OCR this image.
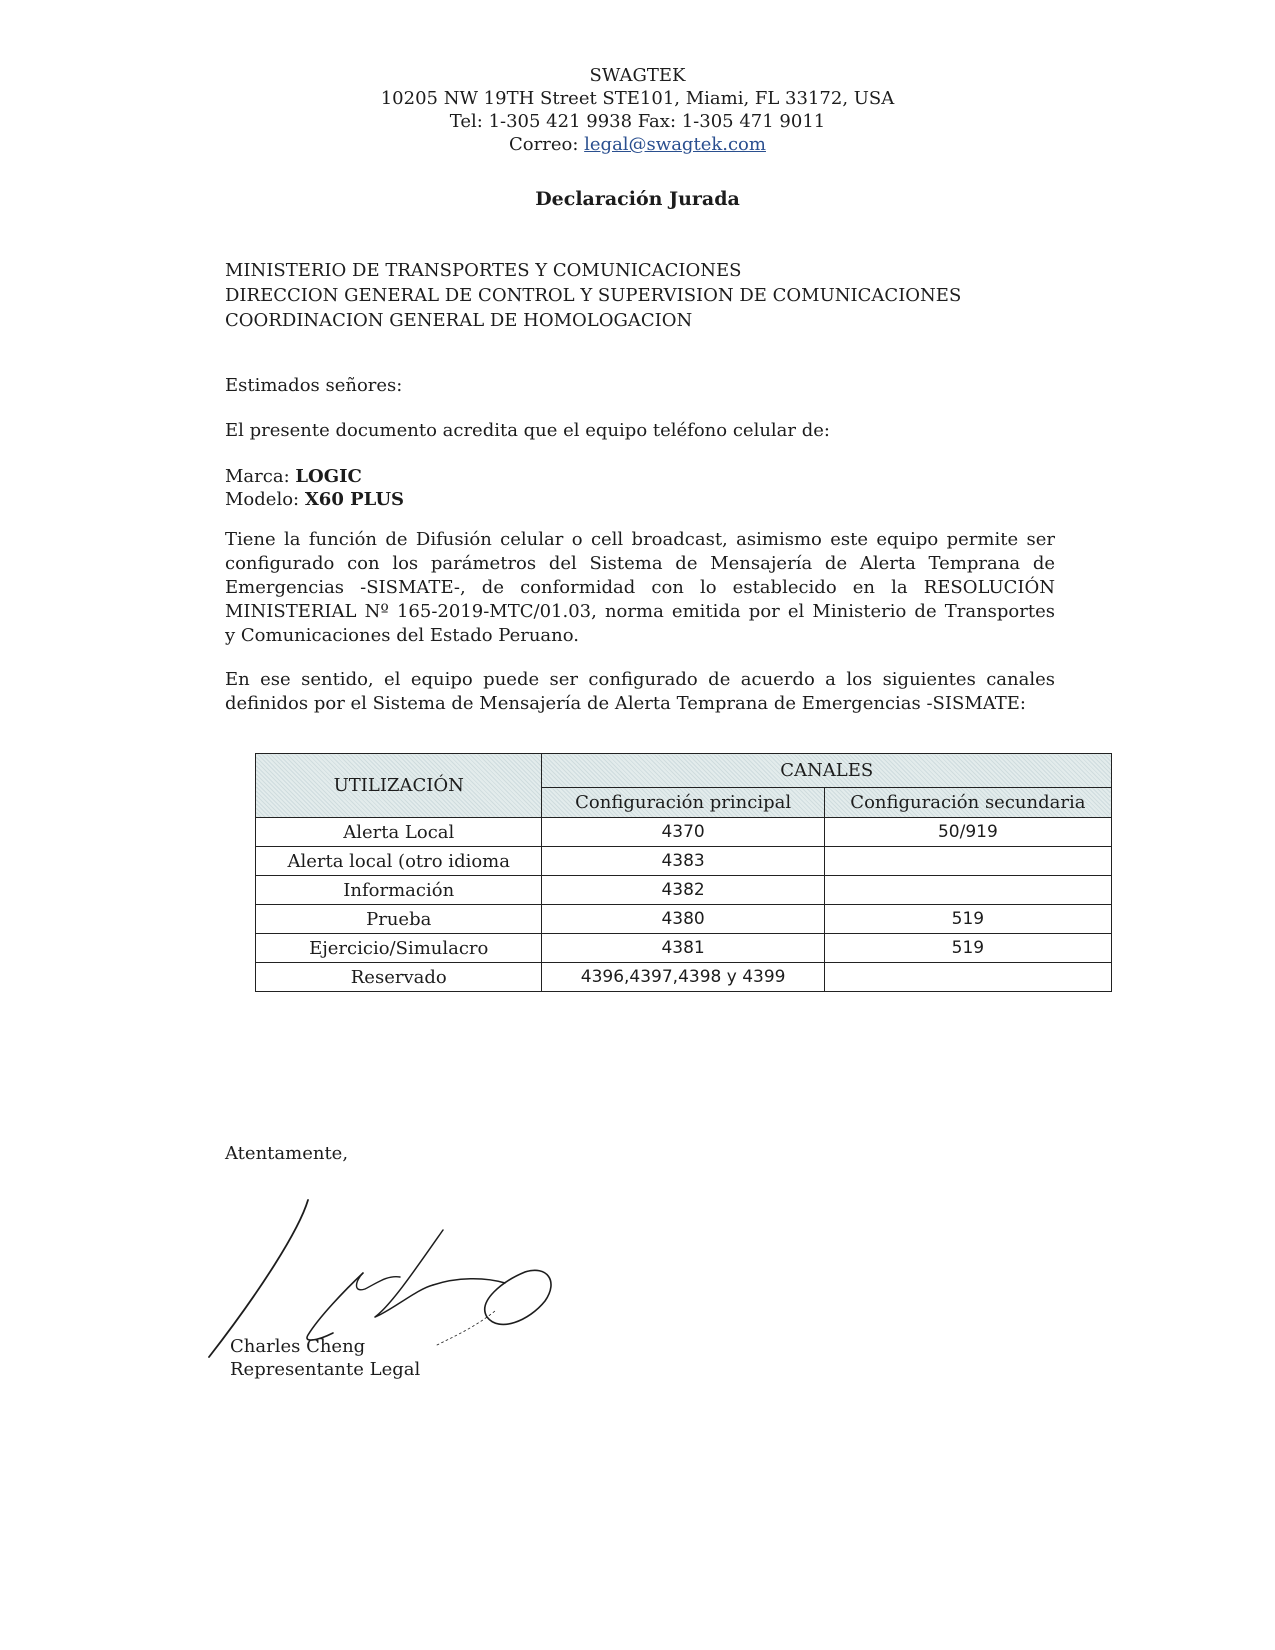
SWAGTEK
10205 NW 19TH Street STE101, Miami, FL 33172, USA
Tel: 1-305 421 9938 Fax: 1-305 471 9011
Correo: legal@swagtek.com
Declaración Jurada
MINISTERIO DE TRANSPORTES Y COMUNICACIONES
DIRECCION GENERAL DE CONTROL Y SUPERVISION DE COMUNICACIONES
COORDINACION GENERAL DE HOMOLOGACION
Estimados señores:
El presente documento acredita que el equipo teléfono celular de:
Marca: LOGIC
Modelo: X60 PLUS
Tiene la función de Difusión celular o cell broadcast, asimismo este equipo permite ser
configurado con los parámetros del Sistema de Mensajería de Alerta Temprana de
Emergencias -SISMATE-, de conformidad con lo establecido en la RESOLUCIÓN
MINISTERIAL Nº 165-2019-MTC/01.03, norma emitida por el Ministerio de Transportes
y Comunicaciones del Estado Peruano.
En ese sentido, el equipo puede ser configurado de acuerdo a los siguientes canales
definidos por el Sistema de Mensajería de Alerta Temprana de Emergencias -SISMATE:
UTILIZACIÓN	CANALES	
	Configuración principal	Configuración secundaria
Alerta Local	4370	50/919
Alerta local (otro idioma	4383	
Información	4382	
Prueba	4380	519
Ejercicio/Simulacro	4381	519
Reservado	4396,4397,4398 y 4399	
Atentamente,
Charles Cheng
Representante Legal
